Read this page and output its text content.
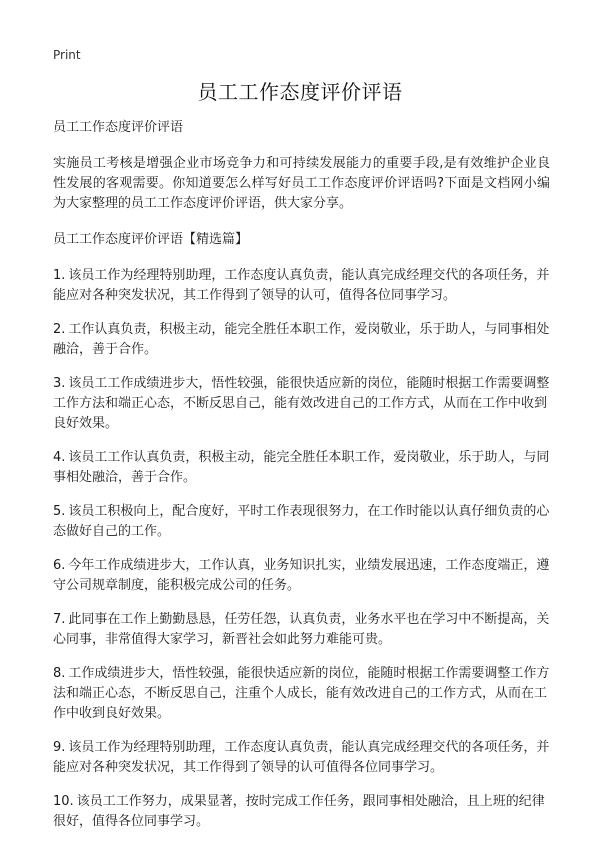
Print
员工工作态度评价评语

员工工作态度评价评语

实施员工考核是增强企业市场竞争力和可持续发展能力的重要手段,是有效维护企业良性发展的客观需要。你知道要怎么样写好员工工作态度评价评语吗?下面是文档网小编为大家整理的员工工作态度评价评语，供大家分享。

员工工作态度评价评语【精选篇】

1. 该员工作为经理特别助理，工作态度认真负责，能认真完成经理交代的各项任务，并能应对各种突发状况，其工作得到了领导的认可，值得各位同事学习。

2. 工作认真负责，积极主动，能完全胜任本职工作，爱岗敬业，乐于助人，与同事相处融洽，善于合作。

3. 该员工工作成绩进步大，悟性较强，能很快适应新的岗位，能随时根据工作需要调整工作方法和端正心态，不断反思自己，能有效改进自己的工作方式，从而在工作中收到良好效果。

4. 该员工工作认真负责，积极主动，能完全胜任本职工作，爱岗敬业，乐于助人，与同事相处融洽，善于合作。

5. 该员工积极向上，配合度好，平时工作表现很努力，在工作时能以认真仔细负责的心态做好自己的工作。

6. 今年工作成绩进步大，工作认真，业务知识扎实，业绩发展迅速，工作态度端正，遵守公司规章制度，能积极完成公司的任务。

7. 此同事在工作上勤勤恳恳，任劳任怨，认真负责，业务水平也在学习中不断提高，关心同事，非常值得大家学习，新晋社会如此努力难能可贵。

8. 工作成绩进步大，悟性较强，能很快适应新的岗位，能随时根据工作需要调整工作方法和端正心态，不断反思自己，注重个人成长，能有效改进自己的工作方式，从而在工作中收到良好效果。

9. 该员工作为经理特别助理，工作态度认真负责，能认真完成经理交代的各项任务，并能应对各种突发状况，其工作得到了领导的认可值得各位同事学习。

10. 该员工工作努力，成果显著，按时完成工作任务，跟同事相处融洽，且上班的纪律很好，值得各位同事学习。
